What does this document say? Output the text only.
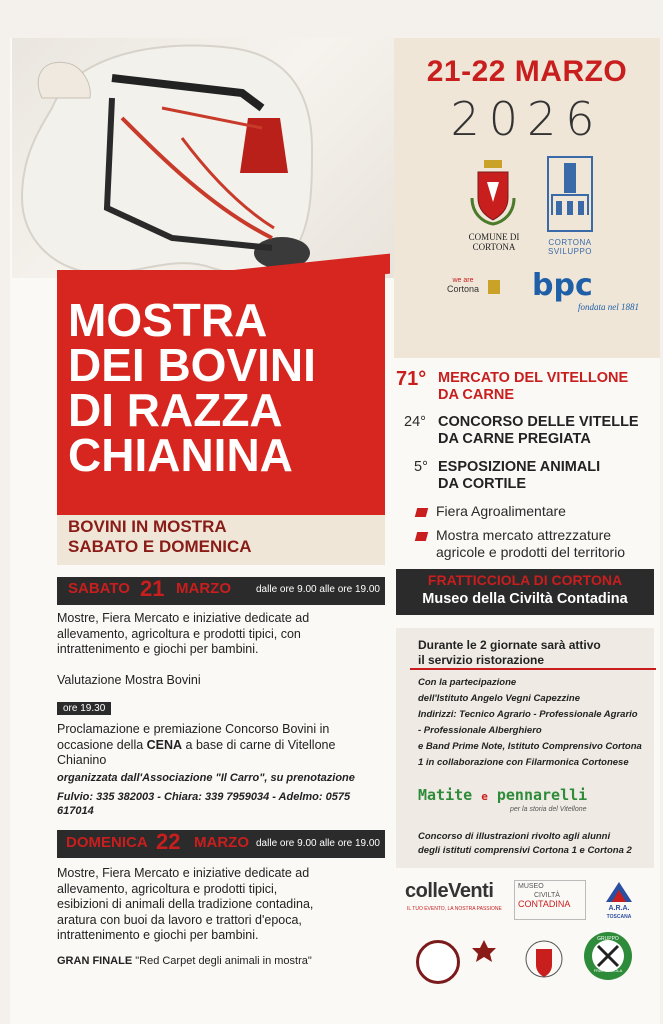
21-22 MARZO
2026
COMUNE DI
CORTONA	CORTONA
SVILUPPO
we are
Cortona bpc
fondata nel 1881
MOSTRA
DEI BOVINI
DI RAZZA
CHIANINA
BOVINI IN MOSTRA
SABATO E DOMENICA
71° MERCATO DEL VITELLONE
DA CARNE
24° CONCORSO DELLE VITELLE
DA CARNE PREGIATA
5° ESPOSIZIONE ANIMALI
DA CORTILE
Fiera Agroalimentare
Mostra mercato attrezzature
agricole e prodotti del territorio
FRATTICCIOLA DI CORTONA
Museo della Civiltà Contadina
SABATO 21 MARZO	dalle ore 9.00 alle ore 19.00
Mostre, Fiera Mercato e iniziative dedicate ad
allevamento, agricoltura e prodotti tipici, con
intrattenimento e giochi per bambini.
Valutazione Mostra Bovini
ore 19.30
Proclamazione e premiazione Concorso Bovini in
occasione della CENA a base di carne di Vitellone
Chianino
organizzata dall'Associazione "Il Carro", su prenotazione
Fulvio: 335 382003 - Chiara: 339 7959034 - Adelmo: 0575 617014
DOMENICA 22 MARZO dalle ore 9.00 alle ore 19.00
Mostre, Fiera Mercato e iniziative dedicate ad
allevamento, agricoltura e prodotti tipici,
esibizioni di animali della tradizione contadina,
aratura con buoi da lavoro e trattori d'epoca,
intrattenimento e giochi per bambini.
GRAN FINALE "Red Carpet degli animali in mostra"
Durante le 2 giornate sarà attivo
il servizio ristorazione
Con la partecipazione
dell'Istituto Angelo Vegni Capezzine
Indirizzi: Tecnico Agrario - Professionale Agrario
- Professionale Alberghiero
e Band Prime Note, Istituto Comprensivo Cortona
1 in collaborazione con Filarmonica Cortonese
Matite e pennarelli
per la storia del Vitellone
Concorso di illustrazioni rivolto agli alunni
degli istituti comprensivi Cortona 1 e Cortona 2
colleVenti
IL TUO EVENTO, LA NOSTRA PASSIONE
MUSEO
CIVILTÀ
CONTADINA	A.R.A.
TOSCANA
GRUPPO
FRATTICCIOLA
